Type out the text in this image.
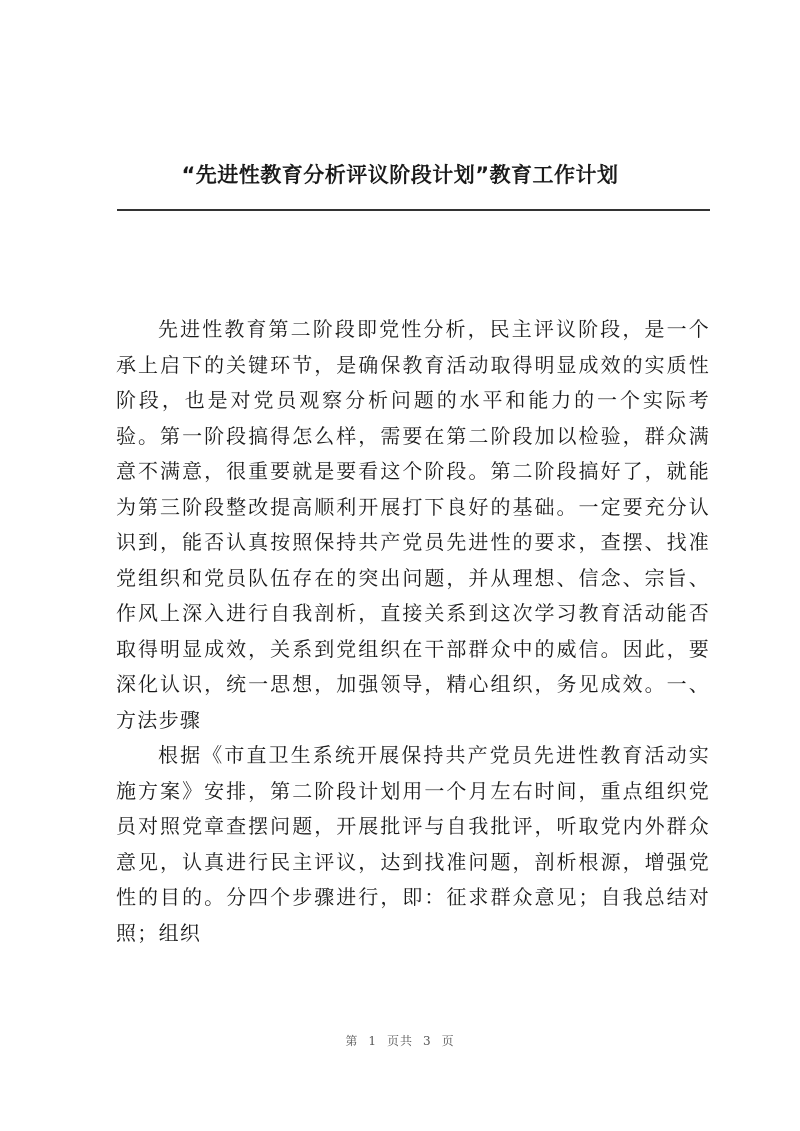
“先进性教育分析评议阶段计划”教育工作计划

先进性教育第二阶段即党性分析，民主评议阶段，是一个承上启下的关键环节，是确保教育活动取得明显成效的实质性阶段，也是对党员观察分析问题的水平和能力的一个实际考验。第一阶段搞得怎么样，需要在第二阶段加以检验，群众满意不满意，很重要就是要看这个阶段。第二阶段搞好了，就能为第三阶段整改提高顺利开展打下良好的基础。一定要充分认识到，能否认真按照保持共产党员先进性的要求，查摆、找准党组织和党员队伍存在的突出问题，并从理想、信念、宗旨、作风上深入进行自我剖析，直接关系到这次学习教育活动能否取得明显成效，关系到党组织在干部群众中的威信。因此，要深化认识，统一思想，加强领导，精心组织，务见成效。一、方法步骤

根据《市直卫生系统开展保持共产党员先进性教育活动实施方案》安排，第二阶段计划用一个月左右时间，重点组织党员对照党章查摆问题，开展批评与自我批评，听取党内外群众意见，认真进行民主评议，达到找准问题，剖析根源，增强党性的目的。分四个步骤进行，即：征求群众意见；自我总结对照；组织

第 1 页共 3 页
